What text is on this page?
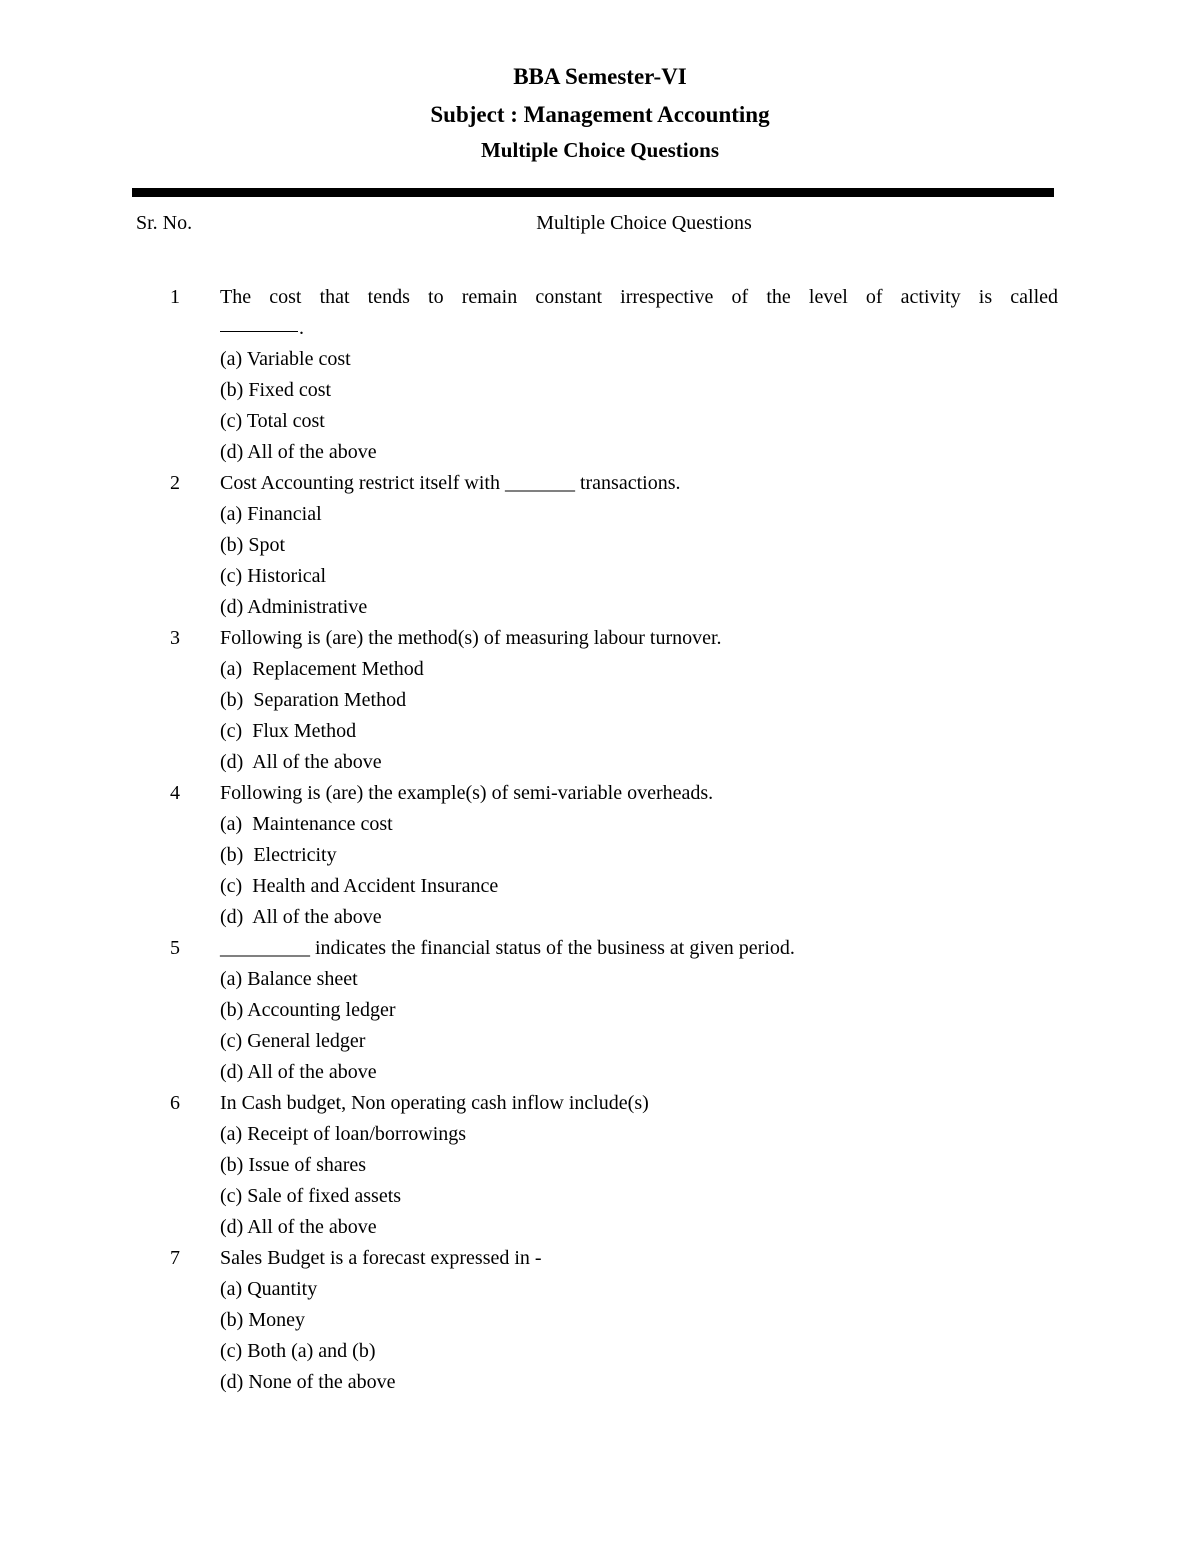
BBA Semester-VI
Subject : Management Accounting
Multiple Choice Questions
Sr. No.	Multiple Choice Questions
1 The cost that tends to remain constant irrespective of the level of activity is called
.
(a) Variable cost
(b) Fixed cost
(c) Total cost
(d) All of the above
2 Cost Accounting restrict itself with _______ transactions.
(a) Financial
(b) Spot
(c) Historical
(d) Administrative
3 Following is (are) the method(s) of measuring labour turnover.
(a)  Replacement Method
(b)  Separation Method
(c)  Flux Method
(d)  All of the above
4 Following is (are) the example(s) of semi-variable overheads.
(a)  Maintenance cost
(b)  Electricity
(c)  Health and Accident Insurance
(d)  All of the above
5 _________ indicates the financial status of the business at given period.
(a) Balance sheet
(b) Accounting ledger
(c) General ledger
(d) All of the above
6 In Cash budget, Non operating cash inflow include(s)
(a) Receipt of loan/borrowings
(b) Issue of shares
(c) Sale of fixed assets
(d) All of the above
7 Sales Budget is a forecast expressed in -
(a) Quantity
(b) Money
(c) Both (a) and (b)
(d) None of the above
